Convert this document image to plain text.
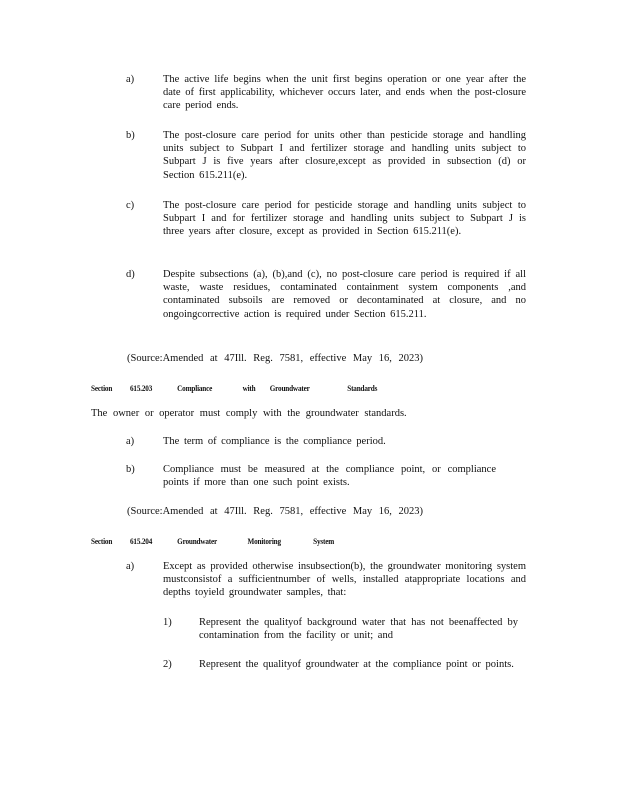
a)	The active life begins when the unit first begins operation or one year after the date of first applicability, whichever occurs later, and ends when the post-closure care period ends.
b)	The post-closure care period for units other than pesticide storage and handling units subject to Subpart I and fertilizer storage and handling units subject to Subpart J is five years after closure,except as provided in subsection (d) or Section 615.211(e).
c)	The post-closure care period for pesticide storage and handling units subject to Subpart I and for fertilizer storage and handling units subject to Subpart J is three years after closure, except as provided in Section 615.211(e).
d)	Despite subsections (a), (b),and (c), no post-closure care period is required if all waste, waste residues, contaminated containment system components ,and contaminated subsoils are removed or decontaminated at closure, and no ongoingcorrective action is required under Section 615.211.
(Source:Amended at 47Ill. Reg. 7581, effective May 16, 2023)
Section 615.203	Compliance	with Groundwater	Standards
The owner or operator must comply with the groundwater standards.
a)	The term of compliance is the compliance period.
b)	Compliance must be measured at the compliance point, or compliance points if more than one such point exists.
(Source:Amended at 47Ill. Reg. 7581, effective May 16, 2023)
Section 615.204	Groundwater	Monitoring	System
a)	Except as provided otherwise insubsection(b), the groundwater monitoring system mustconsistof a sufficientnumber of wells, installed atappropriate locations and depths toyield groundwater samples, that:
1)	Represent the qualityof background water that has not beenaffected by contamination from the facility or unit; and
2)	Represent the qualityof groundwater at the compliance point or points.
